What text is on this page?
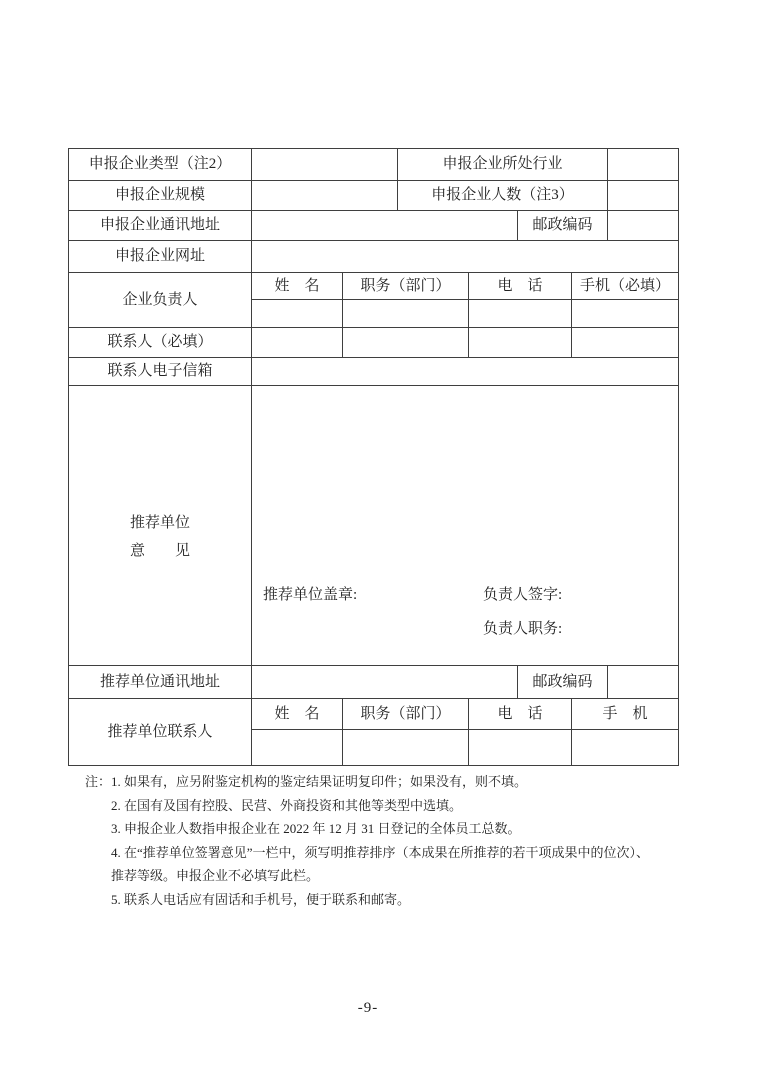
申报企业类型（注2）			申报企业所处行业				
申报企业规模			申报企业人数（注3）				
申报企业通讯地址					邮政编码		
申报企业网址							
企业负责人	姓　名	职务（部门）		电　话		手机（必填）	

联系人（必填）							
联系人电子信箱							

推荐单位
意 见	推荐单位盖章: 负责人签字:
负责人职务:						

推荐单位通讯地址					邮政编码		
推荐单位联系人	姓　名	职务（部门）		电　话		手　机	

注： 1. 如果有，应另附鉴定机构的鉴定结果证明复印件；如果没有，则不填。
2. 在国有及国有控股、民营、外商投资和其他等类型中选填。
3. 申报企业人数指申报企业在 2022 年 12 月 31 日登记的全体员工总数。
4. 在“推荐单位签署意见”一栏中，须写明推荐排序（本成果在所推荐的若干项成果中的位次）、推荐等级。申报企业不必填写此栏。
5. 联系人电话应有固话和手机号，便于联系和邮寄。
-9-
